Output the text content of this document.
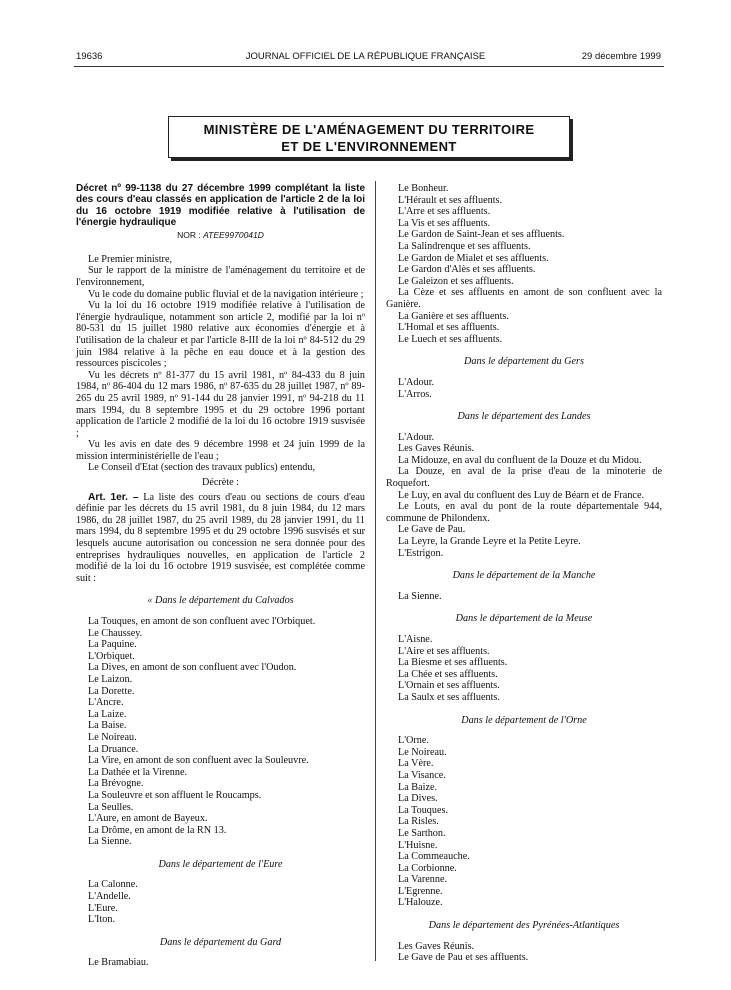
19636	JOURNAL OFFICIEL DE LA RÉPUBLIQUE FRANÇAISE	29 décembre 1999
MINISTÈRE DE L'AMÉNAGEMENT DU TERRITOIRE
ET DE L'ENVIRONNEMENT

Décret nº 99-1138 du 27 décembre 1999 complétant la liste des cours d'eau classés en application de l'article 2 de la loi du 16 octobre 1919 modifiée relative à l'utilisation de l'énergie hydraulique

NOR : ATEE9970041D

Le Premier ministre,

Sur le rapport de la ministre de l'aménagement du territoire et de l'environnement,

Vu le code du domaine public fluvial et de la navigation intérieure ;

Vu la loi du 16 octobre 1919 modifiée relative à l'utilisation de l'énergie hydraulique, notamment son article 2, modifié par la loi nº 80-531 du 15 juillet 1980 relative aux économies d'énergie et à l'utilisation de la chaleur et par l'article 8-III de la loi nº 84-512 du 29 juin 1984 relative à la pêche en eau douce et à la gestion des ressources piscicoles ;

Vu les décrets nº 81-377 du 15 avril 1981, nº 84-433 du 8 juin 1984, nº 86-404 du 12 mars 1986, nº 87-635 du 28 juillet 1987, nº 89-265 du 25 avril 1989, nº 91-144 du 28 janvier 1991, nº 94-218 du 11 mars 1994, du 8 septembre 1995 et du 29 octobre 1996 portant application de l'article 2 modifié de la loi du 16 octobre 1919 susvisée ;

Vu les avis en date des 9 décembre 1998 et 24 juin 1999 de la mission interministérielle de l'eau ;

Le Conseil d'Etat (section des travaux publics) entendu,

Décrète :

Art. 1er. – La liste des cours d'eau ou sections de cours d'eau définie par les décrets du 15 avril 1981, du 8 juin 1984, du 12 mars 1986, du 28 juillet 1987, du 25 avril 1989, du 28 janvier 1991, du 11 mars 1994, du 8 septembre 1995 et du 29 octobre 1996 susvisés et sur lesquels aucune autorisation ou concession ne sera donnée pour des entreprises hydrauliques nouvelles, en application de l'article 2 modifié de la loi du 16 octobre 1919 susvisée, est complétée comme suit :

« Dans le département du Calvados

La Touques, en amont de son confluent avec l'Orbiquet.

Le Chaussey.

La Paquine.

L'Orbiquet.

La Dives, en amont de son confluent avec l'Oudon.

Le Laizon.

La Dorette.

L'Ancre.

La Laize.

La Baise.

Le Noireau.

La Druance.

La Vire, en amont de son confluent avec la Souleuvre.

La Dathée et la Virenne.

La Brévogne.

La Souleuvre et son affluent le Roucamps.

La Seulles.

L'Aure, en amont de Bayeux.

La Drôme, en amont de la RN 13.

La Sienne.

Dans le département de l'Eure

La Calonne.

L'Andelle.

L'Eure.

L'Iton.

Dans le département du Gard

Le Bramabiau.

Le Bonheur.

L'Hérault et ses affluents.

L'Arre et ses affluents.

La Vis et ses affluents.

Le Gardon de Saint-Jean et ses affluents.

La Salindrenque et ses affluents.

Le Gardon de Mialet et ses affluents.

Le Gardon d'Alès et ses affluents.

Le Galeizon et ses affluents.

La Cèze et ses affluents en amont de son confluent avec la Ganière.

La Ganière et ses affluents.

L'Homal et ses affluents.

Le Luech et ses affluents.

Dans le département du Gers

L'Adour.

L'Arros.

Dans le département des Landes

L'Adour.

Les Gaves Réunis.

La Midouze, en aval du confluent de la Douze et du Midou.

La Douze, en aval de la prise d'eau de la minoterie de Roquefort.

Le Luy, en aval du confluent des Luy de Béarn et de France.

Le Louts, en aval du pont de la route départementale 944, commune de Philondenx.

Le Gave de Pau.

La Leyre, la Grande Leyre et la Petite Leyre.

L'Estrigon.

Dans le département de la Manche

La Sienne.

Dans le département de la Meuse

L'Aisne.

L'Aire et ses affluents.

La Biesme et ses affluents.

La Chée et ses affluents.

L'Ornain et ses affluents.

La Saulx et ses affluents.

Dans le département de l'Orne

L'Orne.

Le Noireau.

La Vère.

La Visance.

La Baize.

La Dives.

La Touques.

La Risles.

Le Sarthon.

L'Huisne.

La Commeauche.

La Corbionne.

La Varenne.

L'Egrenne.

L'Halouze.

Dans le département des Pyrénées-Atlantiques

Les Gaves Réunis.

Le Gave de Pau et ses affluents.
